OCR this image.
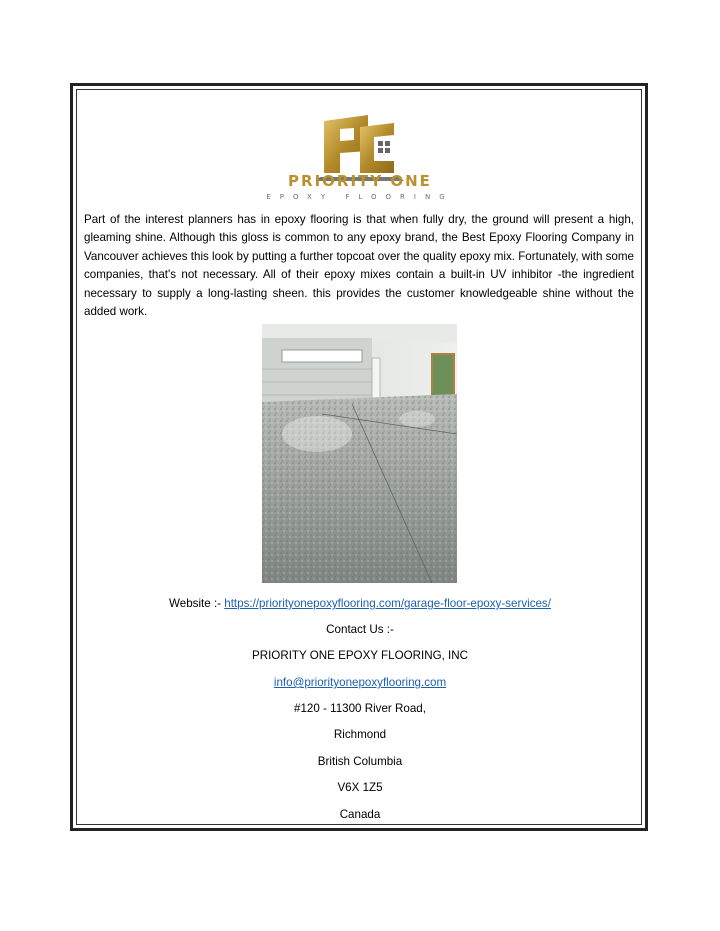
PRIORITY ONE
EPOXY FLOORING

Part of the interest planners has in epoxy flooring is that when fully dry, the ground will present a high, gleaming shine. Although this gloss is common to any epoxy brand, the Best Epoxy Flooring Company in Vancouver achieves this look by putting a further topcoat over the quality epoxy mix. Fortunately, with some companies, that's not necessary. All of their epoxy mixes contain a built-in UV inhibitor -the ingredient necessary to supply a long-lasting sheen. this provides the customer knowledgeable shine without the added work.

Website :- https://priorityonepoxyflooring.com/garage-floor-epoxy-services/
Contact Us :-
PRIORITY ONE EPOXY FLOORING, INC
info@priorityonepoxyflooring.com
#120 - 11300 River Road,
Richmond
British Columbia
V6X 1Z5
Canada
